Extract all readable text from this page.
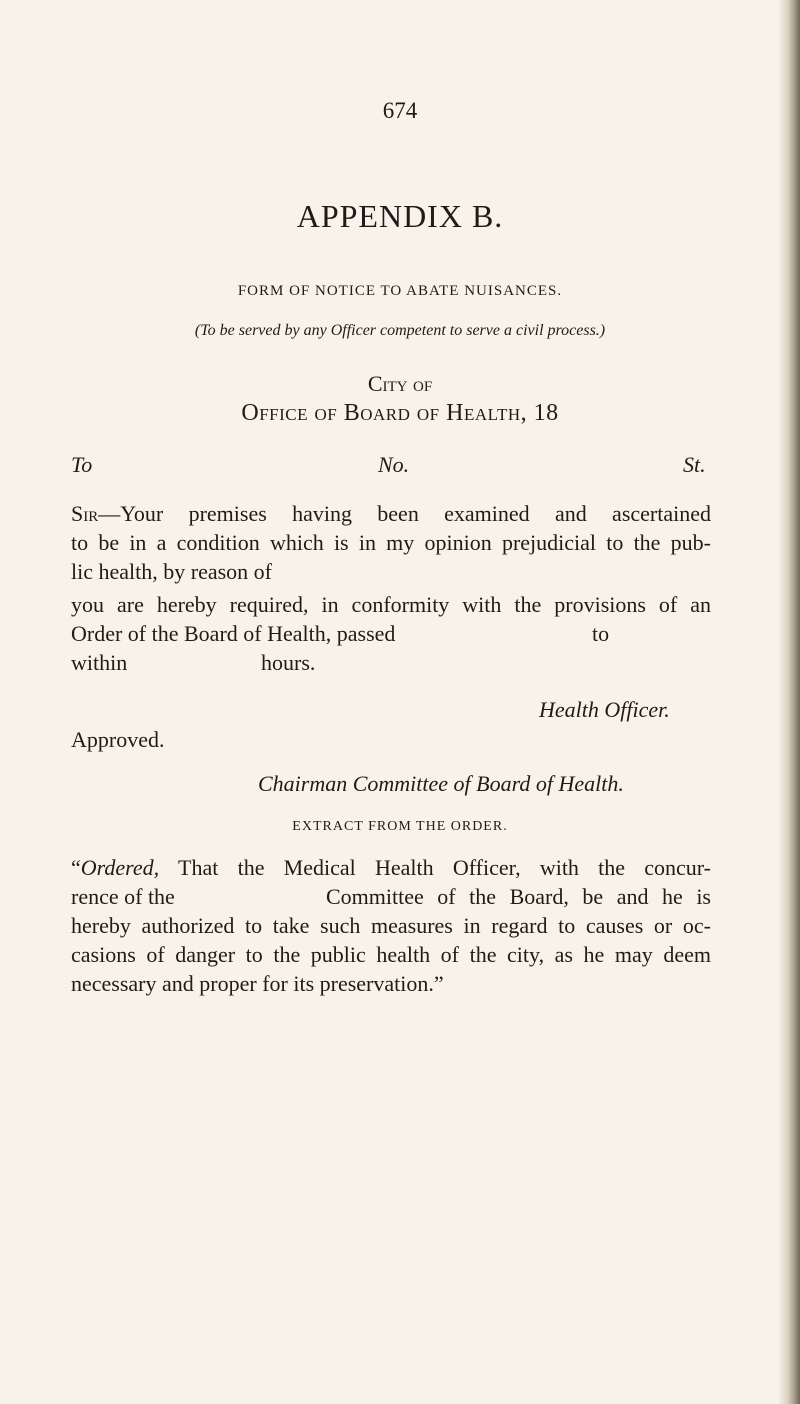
674
APPENDIX B.
FORM OF NOTICE TO ABATE NUISANCES.
(To be served by any Officer competent to serve a civil process.)
City of
Office of Board of Health, 18
To	No.	St.
Sir—Your premises having been examined and ascertained
to be in a condition which is in my opinion prejudicial to the pub-
lic health, by reason of
you are hereby required, in conformity with the provisions of an
Order of the Board of Health, passed	to
within	hours.
Health Officer.
Approved.
Chairman Committee of Board of Health.
EXTRACT FROM THE ORDER.
“Ordered, That the Medical Health Officer, with the concur-
rence of the	Committee of the Board, be and he is
hereby authorized to take such measures in regard to causes or oc-
casions of danger to the public health of the city, as he may deem
necessary and proper for its preservation.”
